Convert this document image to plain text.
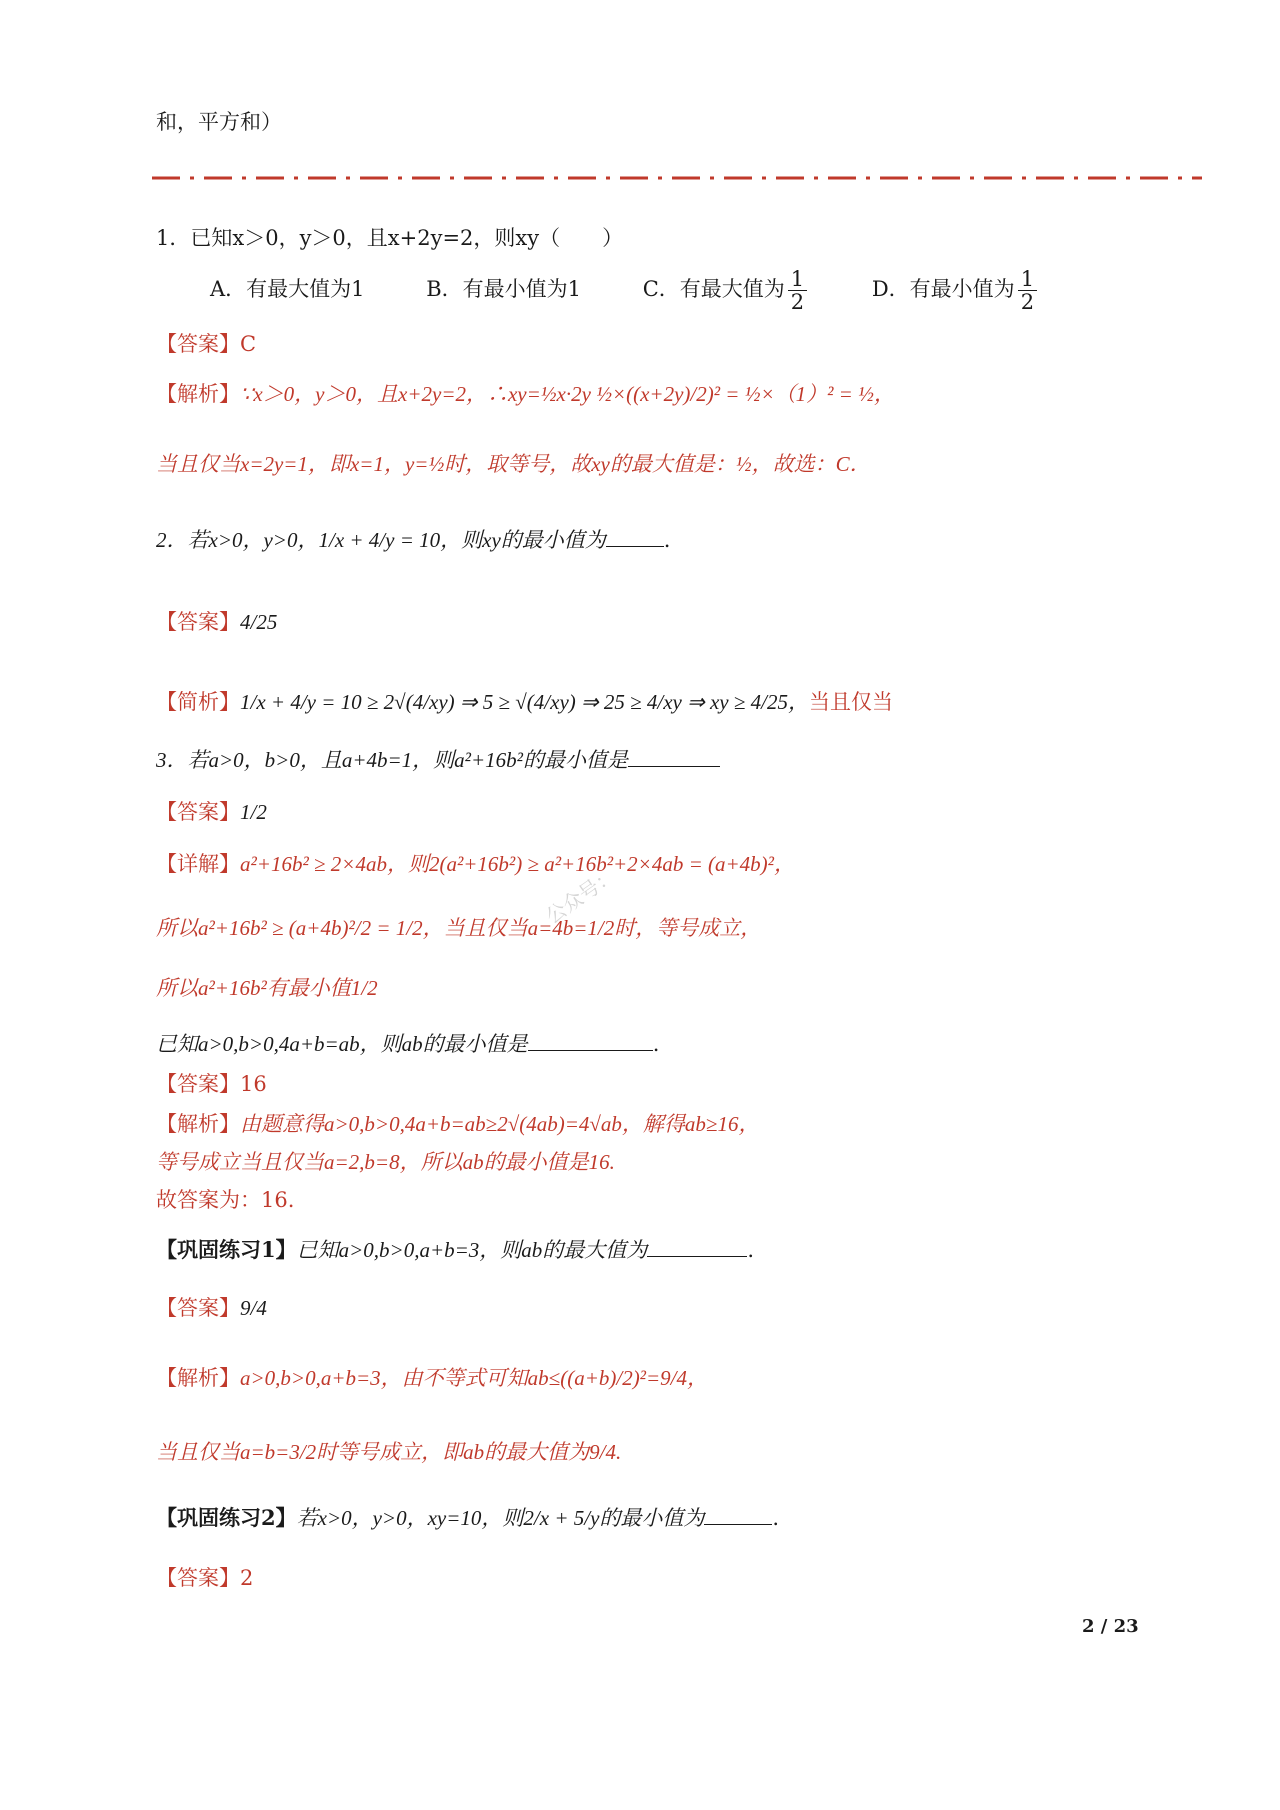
和，平方和）
1．已知x＞0，y＞0，且x+2y=2，则xy（　　）
A．有最大值为1	B．有最小值为1	C．有最大值为 $\frac{1}{2}$	D．有最小值为 $\frac{1}{2}$
【答案】C
【解析】∵x＞0，y＞0，且x+2y=2，∴xy=½x·2y ½×((x+2y)/2)² = ½×（1）² = ½，
当且仅当x=2y=1，即x=1，y=½时，取等号，故xy的最大值是：½，故选：C．
2．若x>0，y>0，1/x + 4/y = 10，则xy的最小值为	.
【答案】4/25
【简析】1/x + 4/y = 10 ≥ 2√(4/xy) ⇒ 5 ≥ √(4/xy) ⇒ 25 ≥ 4/xy ⇒ xy ≥ 4/25，当且仅当
3．若a>0，b>0，且a+4b=1，则a²+16b²的最小值是
【答案】1/2
【详解】a²+16b² ≥ 2×4ab，则2(a²+16b²) ≥ a²+16b²+2×4ab = (a+4b)²，
所以a²+16b² ≥ (a+4b)²/2 = 1/2，当且仅当a=4b=1/2时，等号成立，
所以a²+16b²有最小值1/2
已知a>0,b>0,4a+b=ab，则ab的最小值是	.
【答案】16
【解析】由题意得a>0,b>0,4a+b=ab≥2√(4ab)=4√ab，解得ab≥16，
等号成立当且仅当a=2,b=8，所以ab的最小值是16.
故答案为：16.
【巩固练习1】已知a>0,b>0,a+b=3，则ab的最大值为	.
【答案】9/4
【解析】a>0,b>0,a+b=3，由不等式可知ab≤((a+b)/2)²=9/4，
当且仅当a=b=3/2时等号成立，即ab的最大值为9/4.
【巩固练习2】若x>0，y>0，xy=10，则2/x + 5/y的最小值为	.
【答案】2
公众号：
2 / 23
